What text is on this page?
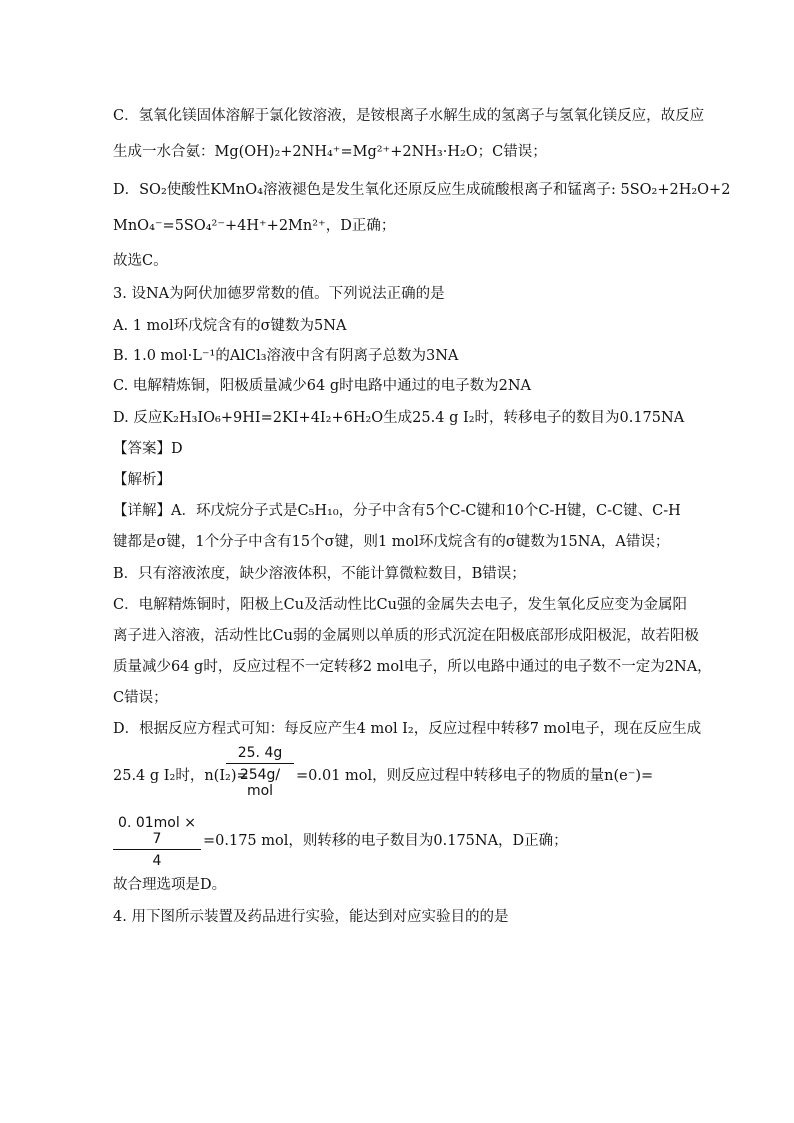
C．氢氧化镁固体溶解于氯化铵溶液，是铵根离子水解生成的氢离子与氢氧化镁反应，故反应
生成一水合氨：Mg(OH)₂+2NH₄⁺=Mg²⁺+2NH₃·H₂O；C错误；
D．SO₂使酸性KMnO₄溶液褪色是发生氧化还原反应生成硫酸根离子和锰离子: 5SO₂+2H₂O+2
MnO₄⁻=5SO₄²⁻+4H⁺+2Mn²⁺，D正确；
故选C。
3. 设NA为阿伏加德罗常数的值。下列说法正确的是
A. 1 mol环戊烷含有的σ键数为5NA
B. 1.0 mol·L⁻¹的AlCl₃溶液中含有阴离子总数为3NA
C. 电解精炼铜，阳极质量减少64 g时电路中通过的电子数为2NA
D. 反应K₂H₃IO₆+9HI=2KI+4I₂+6H₂O生成25.4 g I₂时，转移电子的数目为0.175NA
【答案】D
【解析】
【详解】A．环戊烷分子式是C₅H₁₀，分子中含有5个C-C键和10个C-H键，C-C键、C-H
键都是σ键，1个分子中含有15个σ键，则1 mol环戊烷含有的σ键数为15NA，A错误；
B．只有溶液浓度，缺少溶液体积，不能计算微粒数目，B错误；
C．电解精炼铜时，阳极上Cu及活动性比Cu强的金属失去电子，发生氧化反应变为金属阳
离子进入溶液，活动性比Cu弱的金属则以单质的形式沉淀在阳极底部形成阳极泥，故若阳极
质量减少64 g时，反应过程不一定转移2 mol电子，所以电路中通过的电子数不一定为2NA，
C错误；
D．根据反应方程式可知：每反应产生4 mol I₂，反应过程中转移7 mol电子，现在反应生成
25.4 g I₂时，n(I₂)=
25. 4g
254g/ mol
=0.01 mol，则反应过程中转移电子的物质的量n(e⁻)=
0. 01mol × 7
4
=0.175 mol，则转移的电子数目为0.175NA，D正确；
故合理选项是D。
4. 用下图所示装置及药品进行实验，能达到对应实验目的的是
